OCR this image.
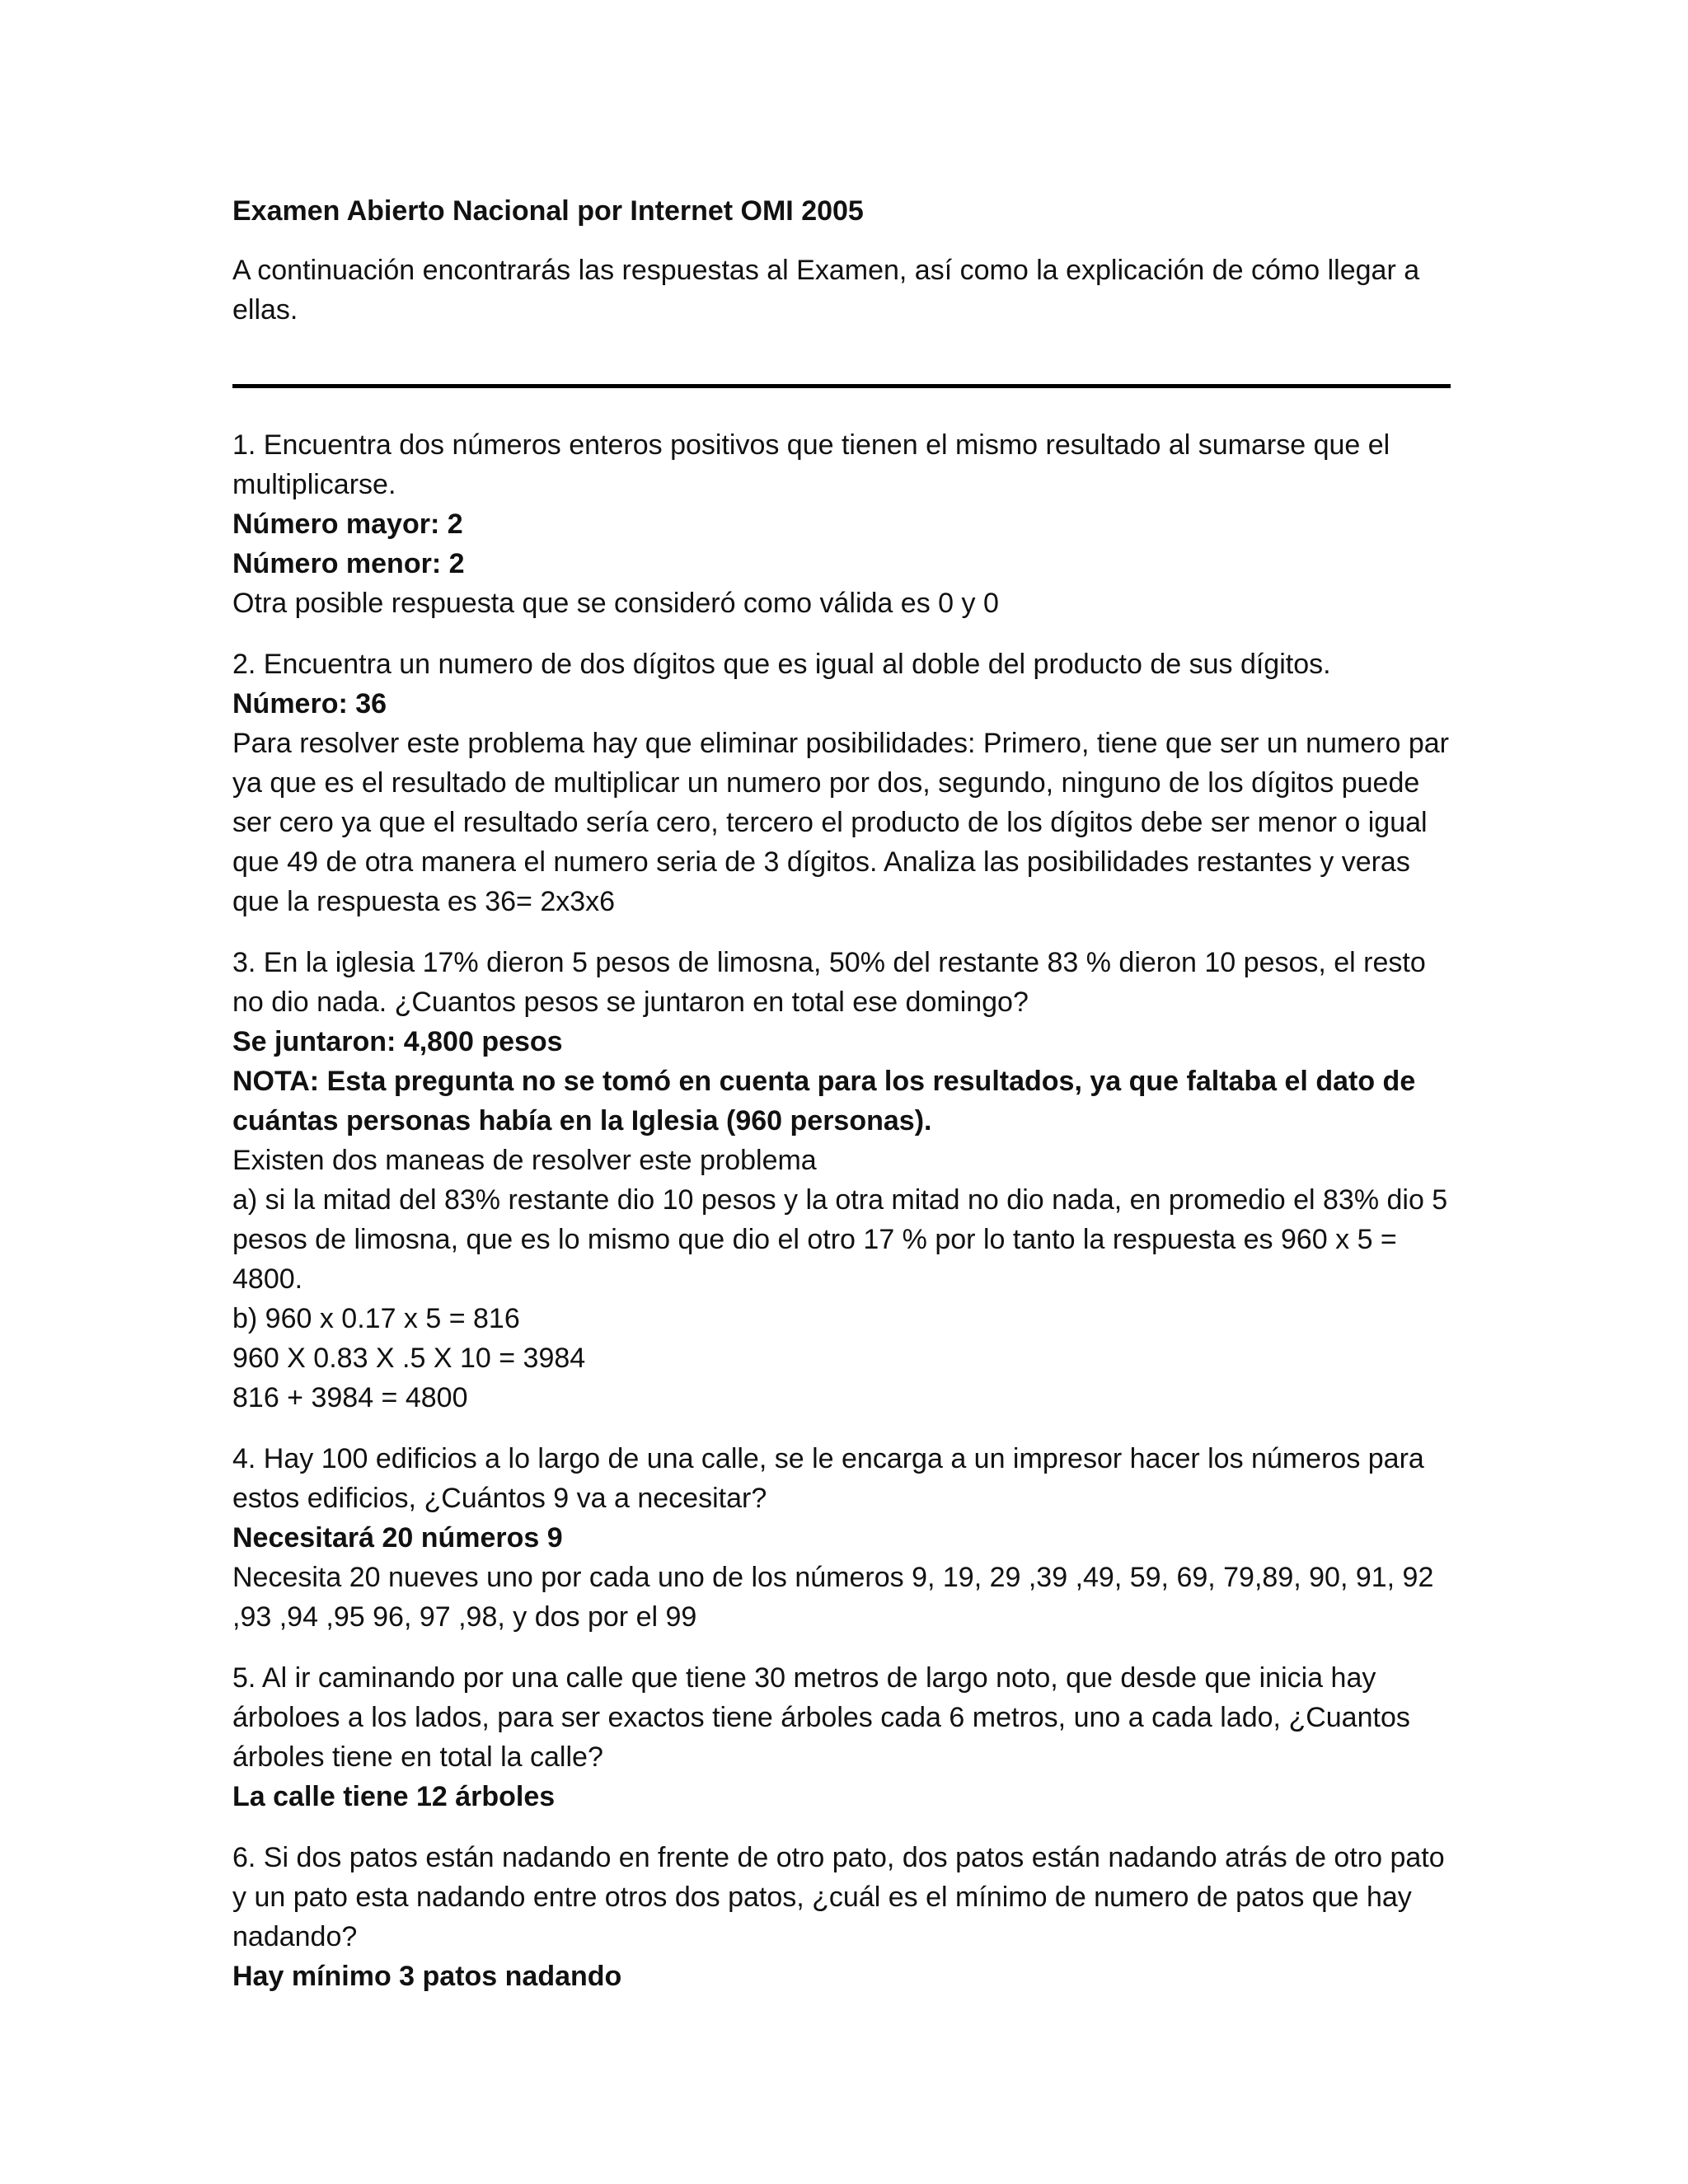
Examen Abierto Nacional por Internet OMI 2005

A continuación encontrarás las respuestas al Examen, así como la explicación de cómo llegar a ellas.

1. Encuentra dos números enteros positivos que tienen el mismo resultado al sumarse que el multiplicarse.

Número mayor: 2

Número menor: 2

Otra posible respuesta que se consideró como válida es 0 y 0

2. Encuentra un numero de dos dígitos que es igual al doble del producto de sus dígitos.

Número: 36

Para resolver este problema hay que eliminar posibilidades: Primero, tiene que ser un numero par ya que es el resultado de multiplicar un numero por dos, segundo, ninguno de los dígitos puede ser cero ya que el resultado sería cero, tercero el producto de los dígitos debe ser menor o igual que 49 de otra manera el numero seria de 3 dígitos. Analiza las posibilidades restantes y veras que la respuesta es 36= 2x3x6

3. En la iglesia 17% dieron 5 pesos de limosna, 50% del restante 83 % dieron 10 pesos, el resto no dio nada. ¿Cuantos pesos se juntaron en total ese domingo?

Se juntaron: 4,800 pesos

NOTA: Esta pregunta no se tomó en cuenta para los resultados, ya que faltaba el dato de cuántas personas había en la Iglesia (960 personas).

Existen dos maneas de resolver este problema

a) si la mitad del 83% restante dio 10 pesos y la otra mitad no dio nada, en promedio el 83% dio 5 pesos de limosna, que es lo mismo que dio el otro 17 % por lo tanto la respuesta es 960 x 5 = 4800.

b) 960 x 0.17 x 5 = 816

960 X 0.83 X .5 X 10 = 3984

816 + 3984 = 4800

4. Hay 100 edificios a lo largo de una calle, se le encarga a un impresor hacer los números para estos edificios, ¿Cuántos 9 va a necesitar?

Necesitará 20 números 9

Necesita 20 nueves uno por cada uno de los números 9, 19, 29 ,39 ,49, 59, 69, 79,89, 90, 91, 92 ,93 ,94 ,95 96, 97 ,98, y dos por el 99

5. Al ir caminando por una calle que tiene 30 metros de largo noto, que desde que inicia hay árboloes a los lados, para ser exactos tiene árboles cada 6 metros, uno a cada lado, ¿Cuantos árboles tiene en total la calle?

La calle tiene 12 árboles

6. Si dos patos están nadando en frente de otro pato, dos patos están nadando atrás de otro pato y un pato esta nadando entre otros dos patos, ¿cuál es el mínimo de numero de patos que hay nadando?

Hay mínimo 3 patos nadando
